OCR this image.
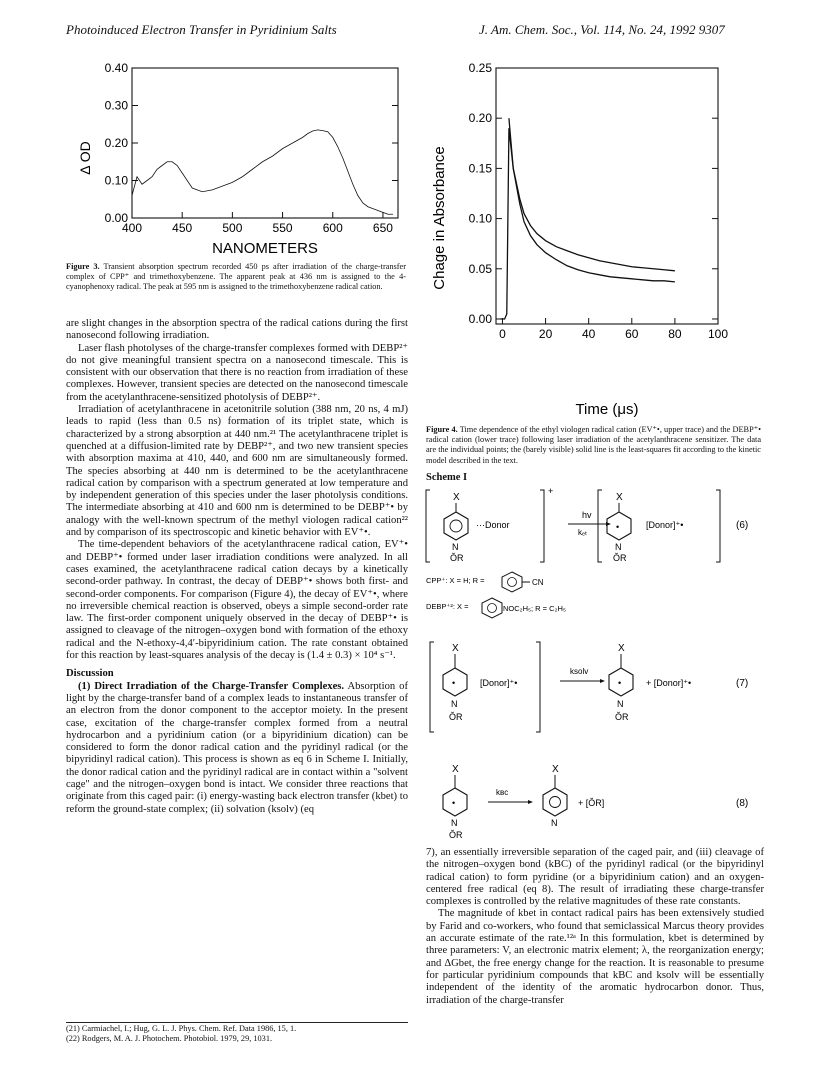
Photoinduced Electron Transfer in Pyridinium Salts	J. Am. Chem. Soc., Vol. 114, No. 24, 1992 9307
400	450	500	550	600	650
0.00
0.10
0.20
0.30
0.40
Δ OD
NANOMETERS
Figure 3. Transient absorption spectrum recorded 450 ps after irradiation of the charge-transfer complex of CPP⁺ and trimethoxybenzene. The apparent peak at 436 nm is assigned to the 4-cyanophenoxy radical. The peak at 595 nm is assigned to the trimethoxybenzene radical cation.
0	20 40 60 80 100
0.00
0.05
0.10
0.15
0.20
0.25
Chage in Absorbance
Time (μs)
Figure 4. Time dependence of the ethyl viologen radical cation (EV⁺•, upper trace) and the DEBP⁺• radical cation (lower trace) following laser irradiation of the acetylanthracene sensitizer. The data are the individual points; the (barely visible) solid line is the least-squares fit according to the kinetic model described in the text.

are slight changes in the absorption spectra of the radical cations during the first nanosecond following irradiation.

Laser flash photolyses of the charge-transfer complexes formed with DEBP²⁺ do not give meaningful transient spectra on a nanosecond timescale. This is consistent with our observation that there is no reaction from irradiation of these complexes. However, transient species are detected on the nanosecond timescale from the acetylanthracene-sensitized photolysis of DEBP²⁺.

Irradiation of acetylanthracene in acetonitrile solution (388 nm, 20 ns, 4 mJ) leads to rapid (less than 0.5 ns) formation of its triplet state, which is characterized by a strong absorption at 440 nm.²¹ The acetylanthracene triplet is quenched at a diffusion-limited rate by DEBP²⁺, and two new transient species with absorption maxima at 410, 440, and 600 nm are simultaneously formed. The species absorbing at 440 nm is determined to be the acetylanthracene radical cation by comparison with a spectrum generated at low temperature and by independent generation of this species under the laser photolysis conditions. The intermediate absorbing at 410 and 600 nm is determined to be DEBP⁺• by analogy with the well-known spectrum of the methyl viologen radical cation²² and by comparison of its spectroscopic and kinetic behavior with EV⁺•.

The time-dependent behaviors of the acetylanthracene radical cation, EV⁺• and DEBP⁺• formed under laser irradiation conditions were analyzed. In all cases examined, the acetylanthracene radical cation decays by a kinetically second-order pathway. In contrast, the decay of DEBP⁺• shows both first- and second-order components. For comparison (Figure 4), the decay of EV⁺•, where no irreversible chemical reaction is observed, obeys a simple second-order rate law. The first-order component uniquely observed in the decay of DEBP⁺• is assigned to cleavage of the nitrogen–oxygen bond with formation of the ethoxy radical and the N-ethoxy-4,4′-bipyridinium cation. The rate constant obtained for this reaction by least-squares analysis of the decay is (1.4 ± 0.3) × 10⁴ s⁻¹.

Discussion

(1) Direct Irradiation of the Charge-Transfer Complexes. Absorption of light by the charge-transfer band of a complex leads to instantaneous transfer of an electron from the donor component to the acceptor moiety. In the present case, excitation of the charge-transfer complex formed from a neutral hydrocarbon and a pyridinium cation (or a bipyridinium dication) can be considered to form the donor radical cation and the pyridinyl radical (or the bipyridinyl radical cation). This process is shown as eq 6 in Scheme I. Initially, the donor radical cation and the pyridinyl radical are in contact within a "solvent cage" and the nitrogen–oxygen bond is intact. We consider three reactions that originate from this caged pair: (i) energy-wasting back electron transfer (kbet) to reform the ground-state complex; (ii) solvation (ksolv) (eq

(21) Carmiachel, I.; Hug, G. L. J. Phys. Chem. Ref. Data 1986, 15, 1.
(22) Rodgers, M. A. J. Photochem. Photobiol. 1979, 29, 1031.
Scheme I
+
X
N
ŎR
···Donor
hv
kₑₜ
X
•
N
ŎR
[Donor]⁺•	(6)
CPP⁺: X = H; R =	CN
DEBP⁺²: X =	NOC₂H₅; R = C₂H₅
X
•
N
ŎR
[Donor]⁺•
ksolv
X
•
N
ŎR
+ [Donor]⁺•	(7)
X
•
N
ŎR
kʙᴄ
X
N
+ [ŎR]	(8)

7), an essentially irreversible separation of the caged pair, and (iii) cleavage of the nitrogen–oxygen bond (kBC) of the pyridinyl radical (or the bipyridinyl radical cation) to form pyridine (or a bipyridinium cation) and an oxygen-centered free radical (eq 8). The result of irradiating these charge-transfer complexes is controlled by the relative magnitudes of these rate constants.

The magnitude of kbet in contact radical pairs has been extensively studied by Farid and co-workers, who found that semiclassical Marcus theory provides an accurate estimate of the rate.¹²ᵃ In this formulation, kbet is determined by three parameters: V, an electronic matrix element; λ, the reorganization energy; and ΔGbet, the free energy change for the reaction. It is reasonable to presume for particular pyridinium compounds that kBC and ksolv will be essentially independent of the identity of the aromatic hydrocarbon donor. Thus, irradiation of the charge-transfer
